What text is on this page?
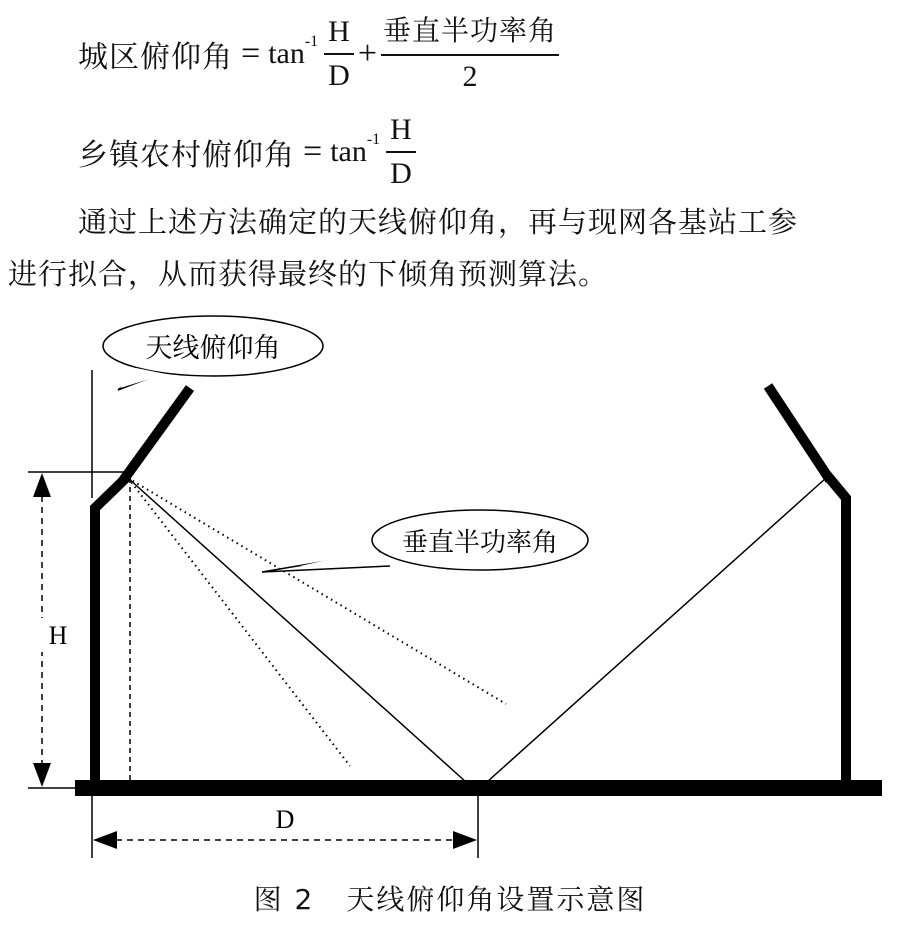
城区俯仰角 = $\tan -1 \frac{H}{D} + \frac{\text{垂直半功率角}}{2}$
乡镇农村俯仰角 = $\tan -1 \frac{H}{D}$
通过上述方法确定的天线俯仰角，再与现网各基站工参
进行拟合，从而获得最终的下倾角预测算法。
H
D
天线俯仰角
垂直半功率角
图 2 天线俯仰角设置示意图
